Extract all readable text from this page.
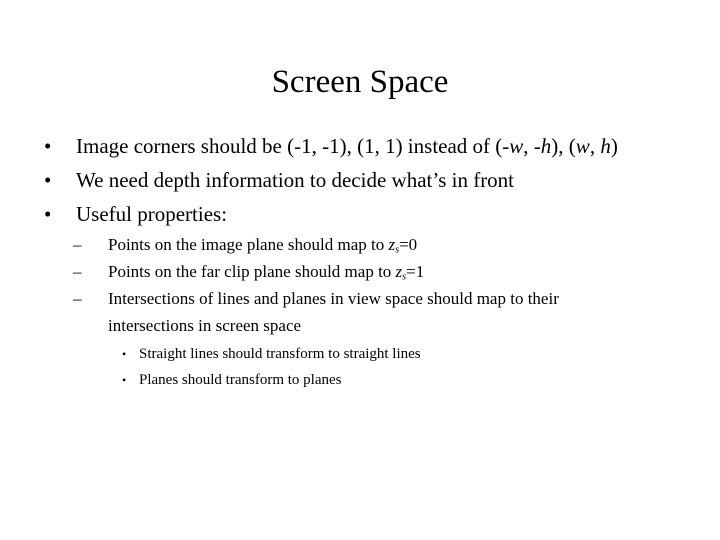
Screen Space
• Image corners should be (-1, -1), (1, 1) instead of (-w, -h), (w, h)
• We need depth information to decide what’s in front
• Useful properties:
– Points on the image plane should map to $z_s=0$
– Points on the far clip plane should map to $z_s=1$
– Intersections of lines and planes in view space should map to their
intersections in screen space
• Straight lines should transform to straight lines
• Planes should transform to planes
